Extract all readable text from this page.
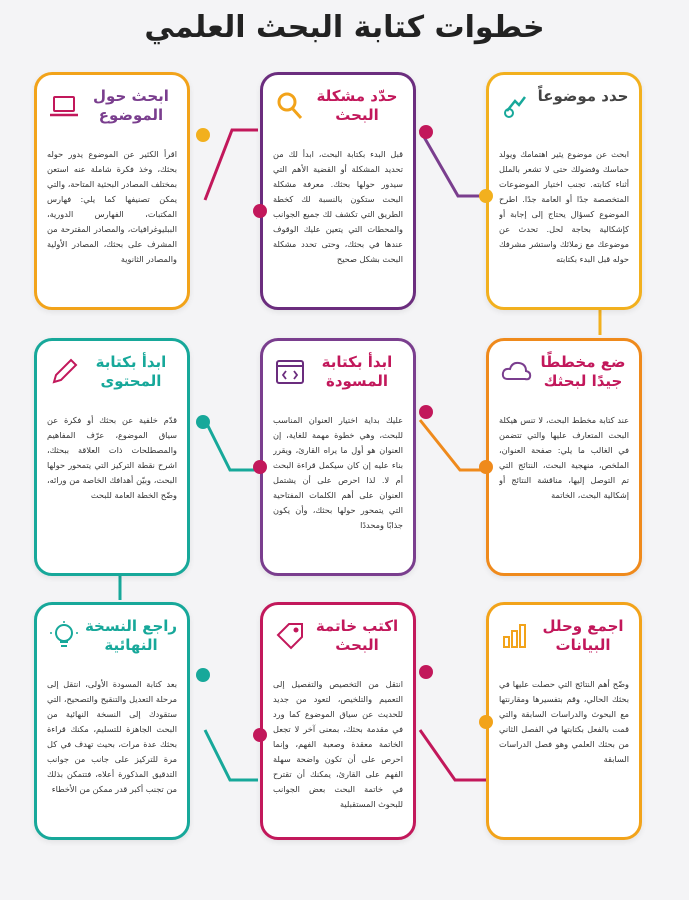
خطوات كتابة البحث العلمي
حدد موضوعاً
ابحث عن موضوع يثير اهتمامك ويولد حماسك وفضولك حتى لا تشعر بالملل أثناء كتابته. تجنب اختيار الموضوعات المتخصصة جدًا أو العامة جدًا. اطرح الموضوع كسؤال يحتاج إلى إجابة أو كإشكالية بحاجة لحل. تحدث عن موضوعك مع زملائك واستشر مشرفك حوله قبل البدء بكتابته
حدّد مشكلة البحث
قبل البدء بكتابة البحث، ابدأ لك من تحديد المشكلة أو القضية الأهم التي سيدور حولها بحثك. معرفة مشكلة البحث ستكون بالنسبة لك كخطة الطريق التي تكشف لك جميع الجوانب والمحطات التي يتعين عليك الوقوف عندها في بحثك، وحتى تحدد مشكلة البحث بشكل صحيح
ابحث حول الموضوع
اقرأ الكثير عن الموضوع يدور حوله بحثك، وخذ فكرة شاملة عنه استعن بمختلف المصادر البحثية المتاحة، والتي يمكن تصنيفها كما يلي: فهارس المكتبات، الفهارس الدورية، الببليوغرافيات، والمصادر المقترحة من المشرف على بحثك، المصادر الأولية والمصادر الثانوية
ضع مخططًا جيدًا لبحثك
عند كتابة مخطط البحث، لا تنس هيكلة البحث المتعارف عليها والتي تتضمن في الغالب ما يلي: صفحة العنوان، الملخص، منهجية البحث، النتائج التي تم التوصل إليها، مناقشة النتائج أو إشكالية البحث، الخاتمة
ابدأ بكتابة المسودة
عليك بداية اختيار العنوان المناسب للبحث، وهي خطوة مهمة للغاية، إن العنوان هو أول ما يراه القارئ، ويقرر بناء عليه إن كان سيكمل قراءة البحث أم لا. لذا احرص على أن يشتمل العنوان على أهم الكلمات المفتاحية التي يتمحور حولها بحثك، وأن يكون جذابًا ومحددًا
ابدأ بكتابة المحتوى
قدّم خلفية عن بحثك أو فكرة عن سياق الموضوع، عرّف المفاهيم والمصطلحات ذات العلاقة ببحثك، اشرح نقطة التركيز التي يتمحور حولها البحث، وبيّن أهدافك الخاصة من ورائه، وضّح الخطة العامة للبحث
اجمع وحلل البيانات
وضّح أهم النتائج التي حصلت عليها في بحثك الحالي، وقم بتفسيرها ومقارنتها مع البحوث والدراسات السابقة والتي قمت بالفعل بكتابتها في الفصل الثاني من بحثك العلمي وهو فصل الدراسات السابقة
اكتب خاتمة البحث
انتقل من التخصيص والتفصيل إلى التعميم والتلخيص، لتعود من جديد للحديث عن سياق الموضوع كما ورد في مقدمة بحثك، بمعنى آخر لا تجعل الخاتمة معقدة وصعبة الفهم، وإنما احرص على أن تكون واضحة سهلة الفهم على القارئ، يمكنك أن تقترح في خاتمة البحث بعض الجوانب للبحوث المستقبلية
راجع النسخة النهائية
بعد كتابة المسودة الأولى، انتقل إلى مرحلة التعديل والتنقيح والتصحيح، التي ستقودك إلى النسخة النهائية من البحث الجاهزة للتسليم، مكنك قراءة بحثك عدة مرات، بحيث تهدف في كل مرة للتركيز على جانب من جوانب التدقيق المذكورة أعلاه، فتتمكن بذلك من تجنب أكبر قدر ممكن من الأخطاء
